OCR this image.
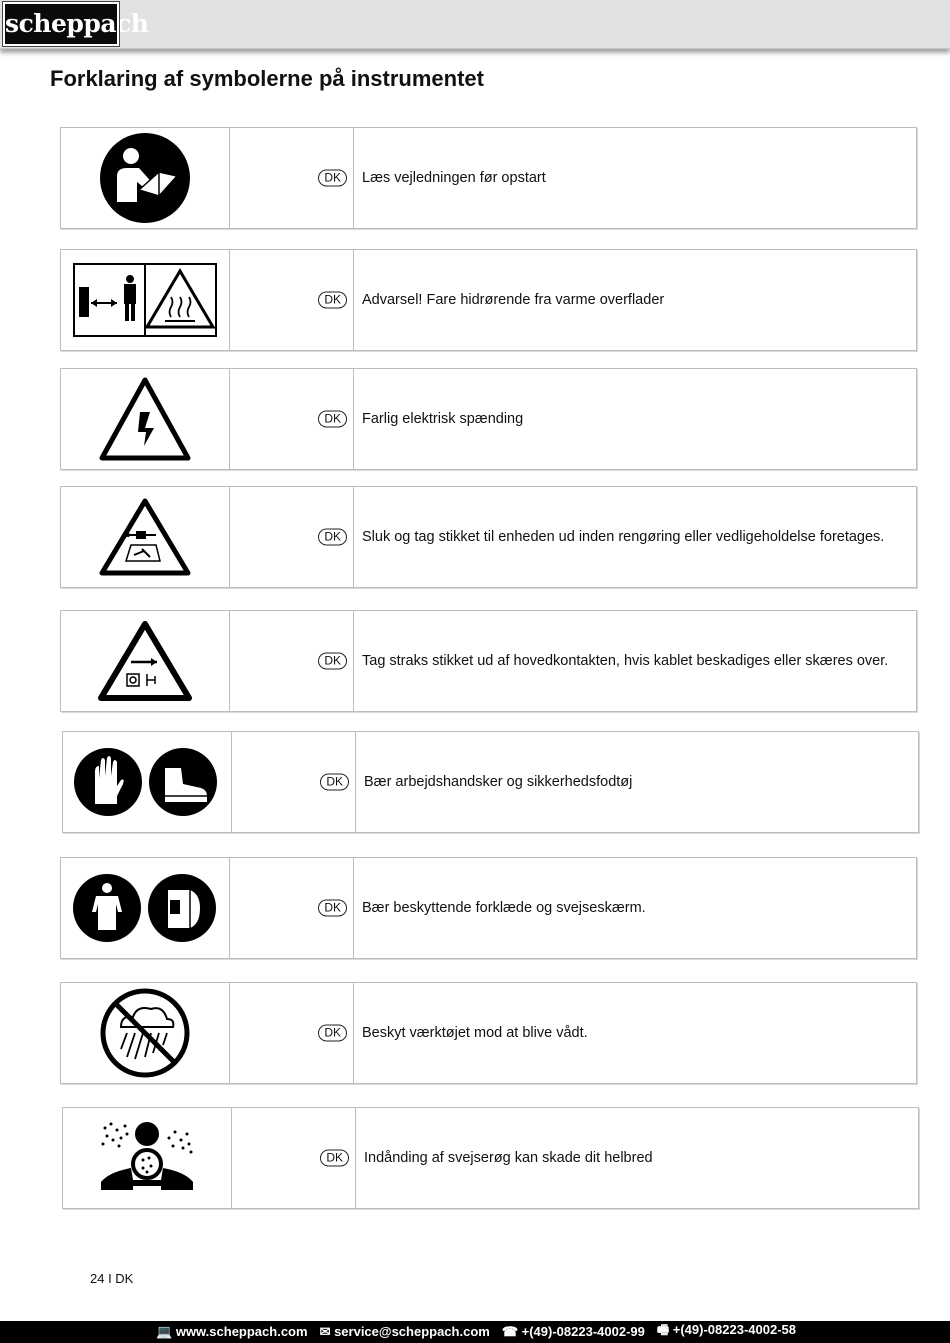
scheppach
Forklaring af symbolerne på instrumentet
DK	Læs vejledningen før opstart
DK	Advarsel! Fare hidrørende fra varme overflader
DK	Farlig elektrisk spænding
DK	Sluk og tag stikket til enheden ud inden rengøring eller vedligeholdelse foretages.
DK	Tag straks stikket ud af hovedkontakten, hvis kablet beskadiges eller skæres over.
DK	Bær arbejdshandsker og sikkerhedsfodtøj
DK	Bær beskyttende forklæde og svejseskærm.
DK	Beskyt værktøjet mod at blive vådt.
DK	Indånding af svejserøg kan skade dit helbred
24 I DK
💻 www.scheppach.com ✉ service@scheppach.com ☎ +(49)-08223-4002-99 🖷 +(49)-08223-4002-58
